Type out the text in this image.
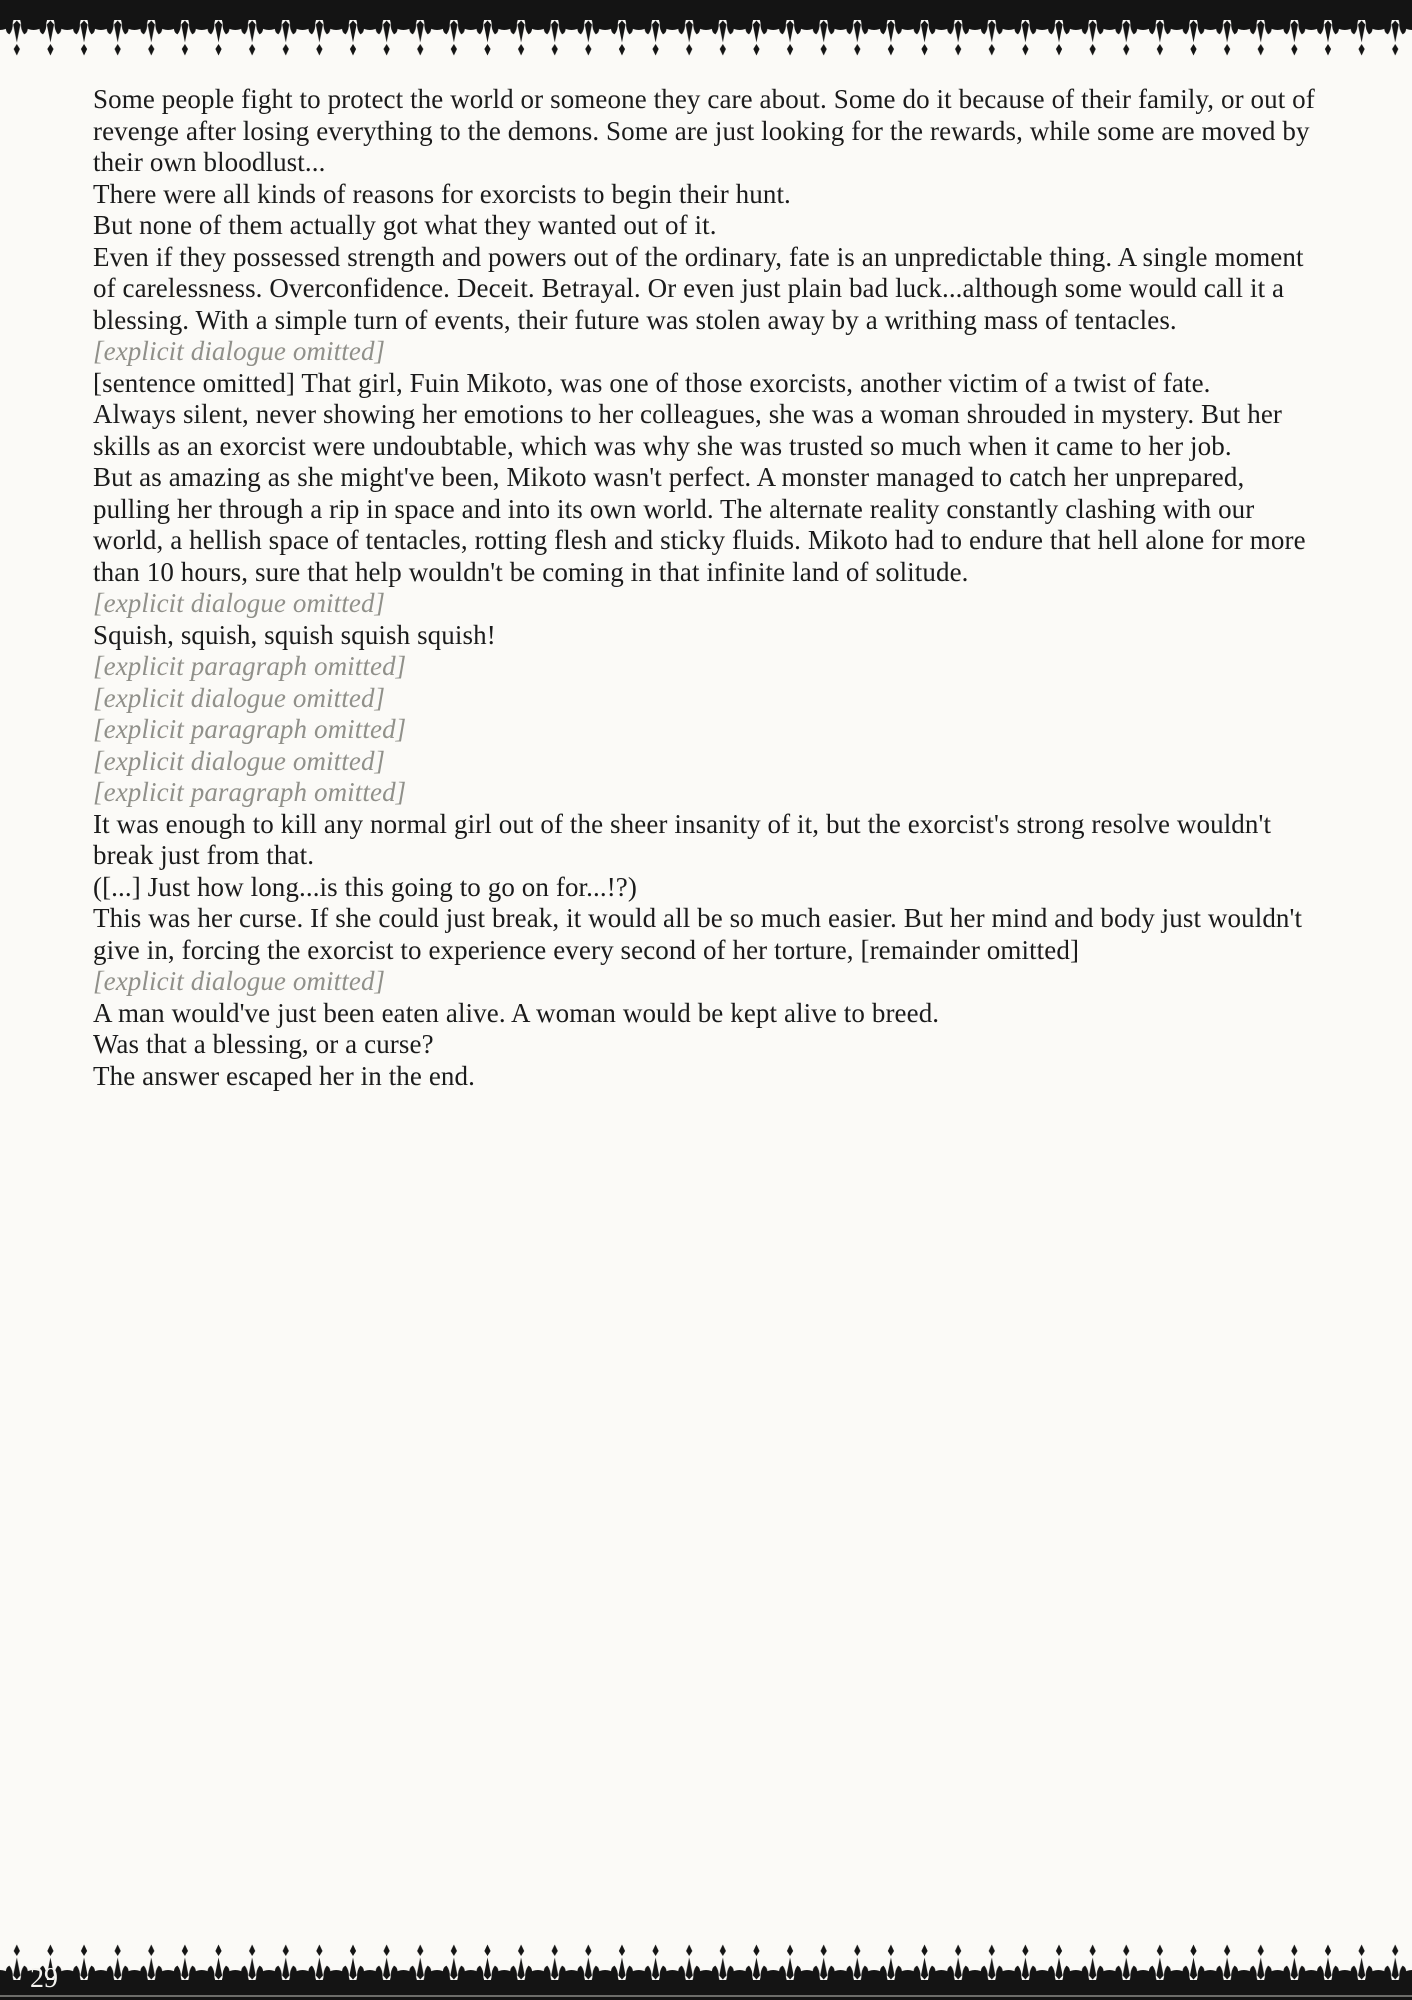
Some people fight to protect the world or someone they care about. Some do it because of their family, or out of revenge after losing everything to the demons. Some are just looking for the rewards, while some are moved by their own bloodlust...

There were all kinds of reasons for exorcists to begin their hunt.

But none of them actually got what they wanted out of it.

Even if they possessed strength and powers out of the ordinary, fate is an unpredictable thing. A single moment of carelessness. Overconfidence. Deceit. Betrayal. Or even just plain bad luck...although some would call it a blessing. With a simple turn of events, their future was stolen away by a writhing mass of tentacles.

[explicit dialogue omitted]

[sentence omitted] That girl, Fuin Mikoto, was one of those exorcists, another victim of a twist of fate.

Always silent, never showing her emotions to her colleagues, she was a woman shrouded in mystery. But her skills as an exorcist were undoubtable, which was why she was trusted so much when it came to her job.

But as amazing as she might've been, Mikoto wasn't perfect. A monster managed to catch her unprepared, pulling her through a rip in space and into its own world. The alternate reality constantly clashing with our world, a hellish space of tentacles, rotting flesh and sticky fluids. Mikoto had to endure that hell alone for more than 10 hours, sure that help wouldn't be coming in that infinite land of solitude.

[explicit dialogue omitted]

Squish, squish, squish squish squish!

[explicit paragraph omitted]

[explicit dialogue omitted]

[explicit paragraph omitted]

[explicit dialogue omitted]

[explicit paragraph omitted]

It was enough to kill any normal girl out of the sheer insanity of it, but the exorcist's strong resolve wouldn't break just from that.

([...] Just how long...is this going to go on for...!?)

This was her curse. If she could just break, it would all be so much easier. But her mind and body just wouldn't give in, forcing the exorcist to experience every second of her torture, [remainder omitted]

[explicit dialogue omitted]

A man would've just been eaten alive. A woman would be kept alive to breed.

Was that a blessing, or a curse?

The answer escaped her in the end.

29
